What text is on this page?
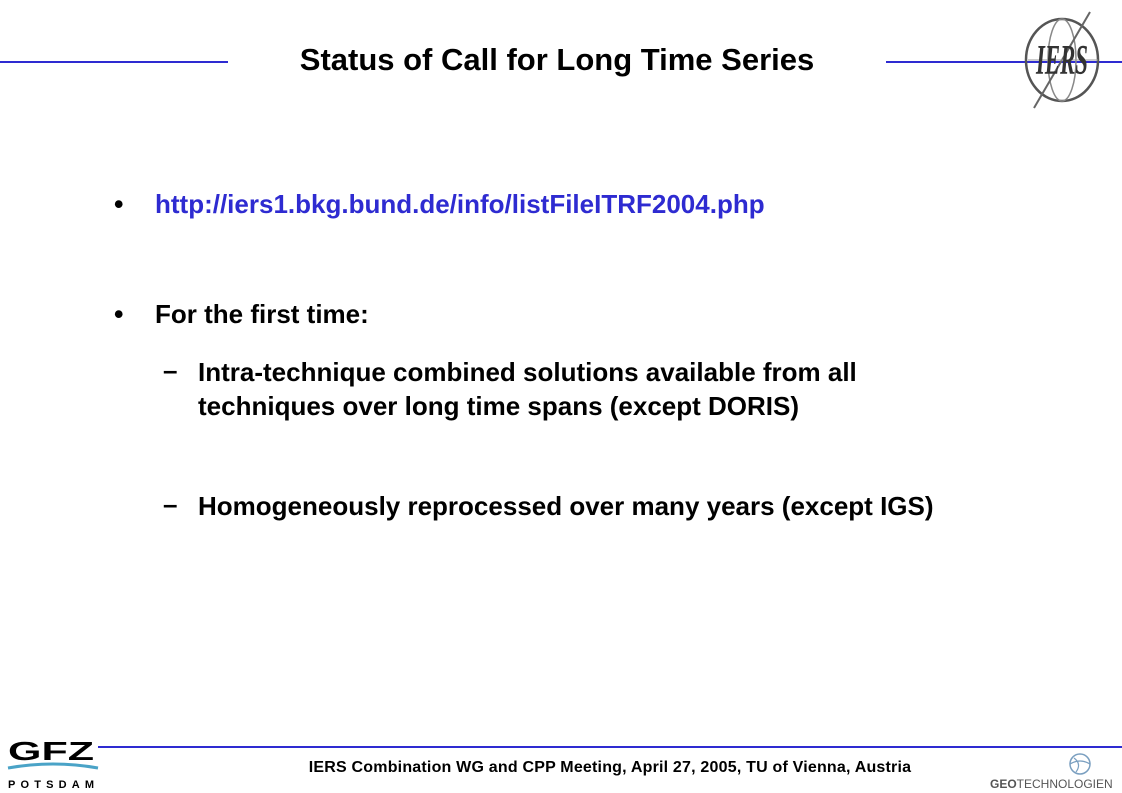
Status of Call for Long Time Series	IERS
• http://iers1.bkg.bund.de/info/listFileITRF2004.php
• For the first time:
– Intra-technique combined solutions available from all techniques over long time spans (except DORIS)
– Homogeneously reprocessed over many years (except IGS)
GFZ
POTSDAM
IERS Combination WG and CPP Meeting, April 27, 2005, TU of Vienna, Austria
GEOTECHNOLOGIEN
